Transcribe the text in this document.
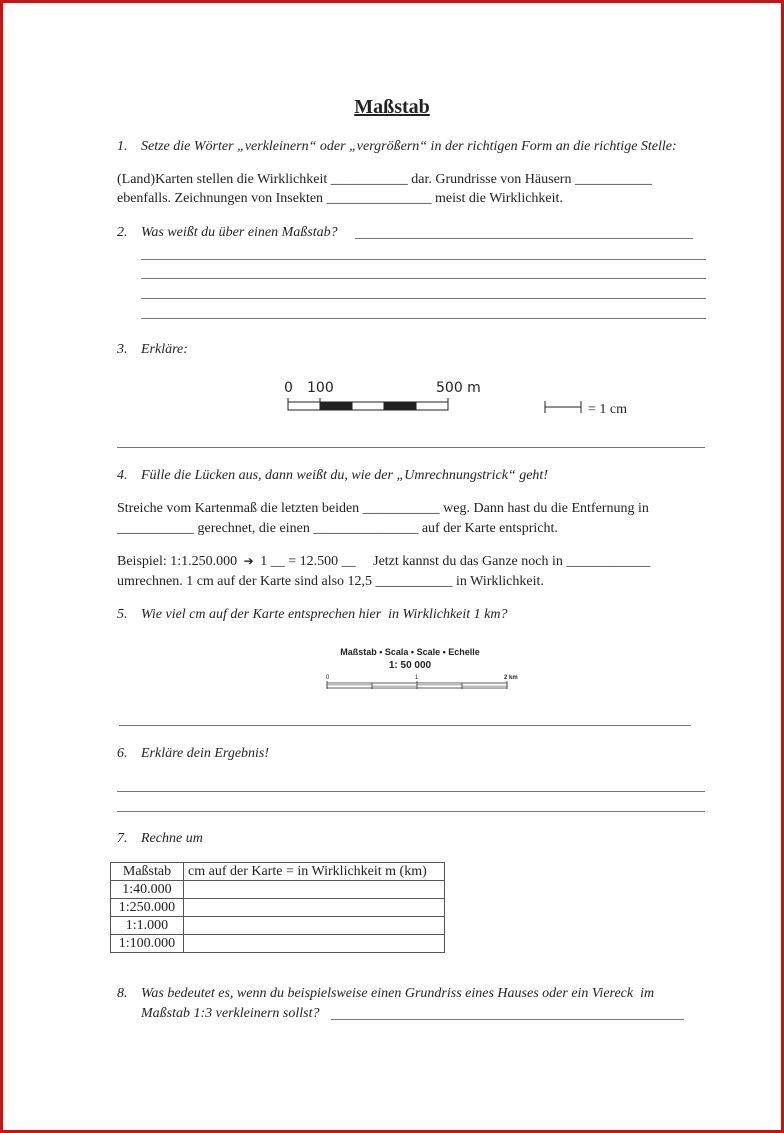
Maßstab
1. Setze die Wörter „verkleinern“ oder „vergrößern“ in der richtigen Form an die richtige Stelle:
(Land)Karten stellen die Wirklichkeit ___________ dar. Grundrisse von Häusern ___________
ebenfalls. Zeichnungen von Insekten _______________ meist die Wirklichkeit.
2. Was weißt du über einen Maßstab?
3. Erkläre:
0 100	500 m
= 1 cm
4. Fülle die Lücken aus, dann weißt du, wie der „Umrechnungstrick“ geht!
Streiche vom Kartenmaß die letzten beiden ___________ weg. Dann hast du die Entfernung in
___________ gerechnet, die einen _______________ auf der Karte entspricht.
Beispiel: 1:1.250.000 ➔ 1 __ = 12.500 __     Jetzt kannst du das Ganze noch in ____________
umrechnen. 1 cm auf der Karte sind also 12,5 ___________ in Wirklichkeit.
5. Wie viel cm auf der Karte entsprechen hier  in Wirklichkeit 1 km?
Maßstab • Scala • Scale • Echelle
1: 50 000
0	1	2 km
6. Erkläre dein Ergebnis!
7. Rechne um
Maßstab	cm auf der Karte = in Wirklichkeit m (km)
1:40.000	
1:250.000	
1:1.000	
1:100.000	
8. Was bedeutet es, wenn du beispielsweise einen Grundriss eines Hauses oder ein Viereck  im
Maßstab 1:3 verkleinern sollst?
